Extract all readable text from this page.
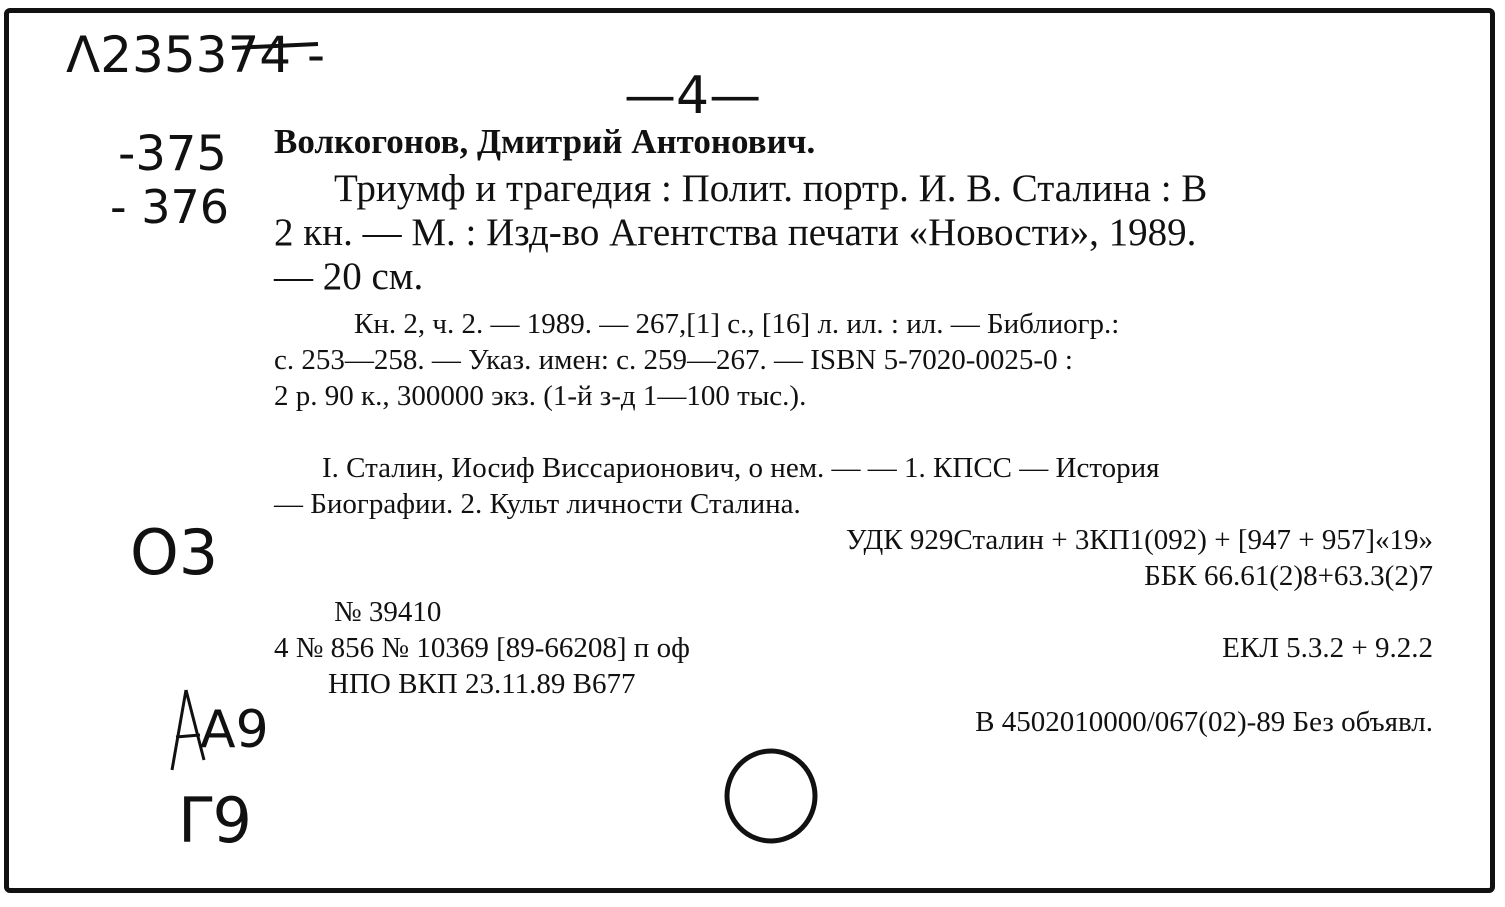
Λ235374 -
—4—
-375
- 376
O3
A9
Γ9
Волкогонов, Дмитрий Антонович.
Триумф и трагедия : Полит. портр. И. В. Сталина : В
2 кн. — М. : Изд-во Агентства печати «Новости», 1989.
— 20 см.
Кн. 2, ч. 2. — 1989. — 267,[1] с., [16] л. ил. : ил. — Библиогр.:
с. 253—258. — Указ. имен: с. 259—267. — ISBN 5-7020-0025-0 :
2 р. 90 к., 300000 экз. (1-й з-д 1—100 тыс.).
I. Сталин, Иосиф Виссарионович, о нем. — — 1. КПСС — История
— Биографии. 2. Культ личности Сталина.
УДК 929Сталин + 3КП1(092) + [947 + 957]«19»
ББК 66.61(2)8+63.3(2)7
№ 39410
4 № 856 № 10369 [89-66208] п оф	ЕКЛ 5.3.2 + 9.2.2
НПО ВКП 23.11.89 В677
В 4502010000/067(02)-89 Без объявл.
